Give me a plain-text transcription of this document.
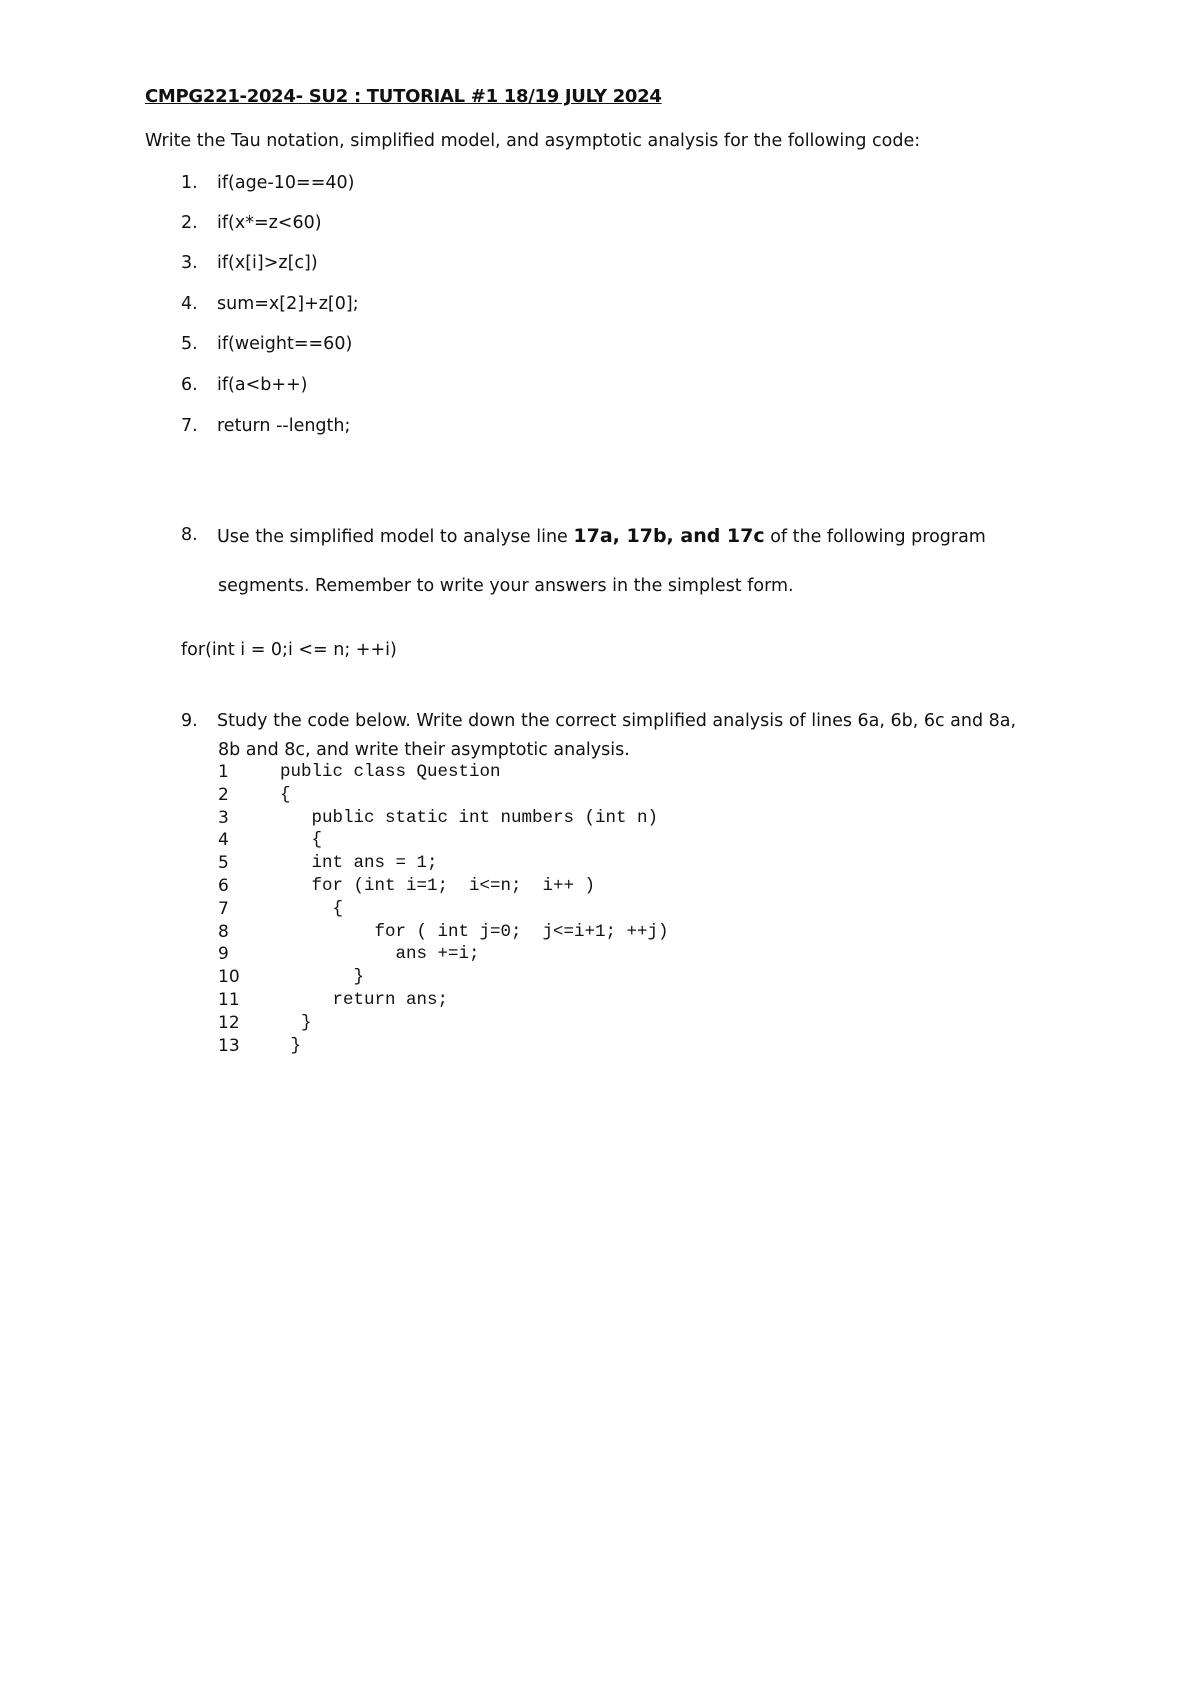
CMPG221-2024- SU2 : TUTORIAL #1 18/19 JULY 2024
Write the Tau notation, simplified model, and asymptotic analysis for the following code:
1.	if(age-10==40)
2.	if(x*=z<60)
3.	if(x[i]>z[c])
4.	sum=x[2]+z[0];
5.	if(weight==60)
6.	if(a<b++)
7.	return --length;
8.	Use the simplified model to analyse line 17a, 17b, and 17c of the following program
segments. Remember to write your answers in the simplest form.
for(int i = 0;i <= n; ++i)
9.	Study the code below. Write down the correct simplified analysis of lines 6a, 6b, 6c and 8a,
8b and 8c, and write their asymptotic analysis.

1

	public class Question

2

	{

3

	public static int numbers (int n)

4

	{

5

	int ans = 1;

6

	for (int i=1;  i<=n;  i++ )

7

	{

8

	for ( int j=0;  j<=i+1; ++j)

9

	ans +=i;

10

}

11

return ans;

12

}

13

}
